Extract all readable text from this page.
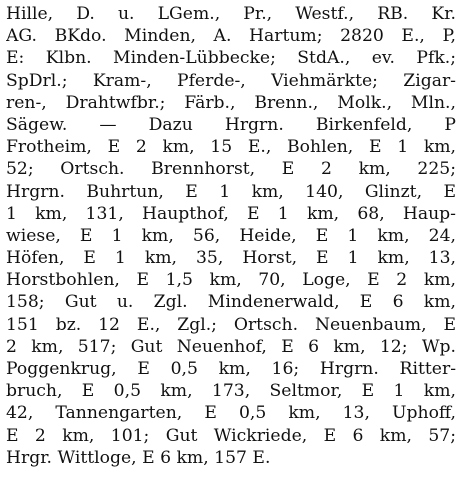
Hille, D. u. LGem., Pr., Westf., RB. Kr.
AG. BKdo. Minden, A. Hartum; 2820 E., P,
E: Klbn. Minden-Lübbecke; StdA., ev. Pfk.;
SpDrl.; Kram-, Pferde-, Viehmärkte; Zigar-
ren-, Drahtwfbr.; Färb., Brenn., Molk., Mln.,
Sägew. — Dazu Hrgrn. Birkenfeld, P
Frotheim, E 2 km, 15 E., Bohlen, E 1 km,
52; Ortsch. Brennhorst, E 2 km, 225;
Hrgrn. Buhrtun, E 1 km, 140, Glinzt, E
1 km, 131, Haupthof, E 1 km, 68, Haup-
wiese, E 1 km, 56, Heide, E 1 km, 24,
Höfen, E 1 km, 35, Horst, E 1 km, 13,
Horstbohlen, E 1,5 km, 70, Loge, E 2 km,
158; Gut u. Zgl. Mindenerwald, E 6 km,
151 bz. 12 E., Zgl.; Ortsch. Neuenbaum, E
2 km, 517; Gut Neuenhof, E 6 km, 12; Wp.
Poggenkrug, E 0,5 km, 16; Hrgrn. Ritter-
bruch, E 0,5 km, 173, Seltmor, E 1 km,
42, Tannengarten, E 0,5 km, 13, Uphoff,
E 2 km, 101; Gut Wickriede, E 6 km, 57;
Hrgr. Wittloge, E 6 km, 157 E.
